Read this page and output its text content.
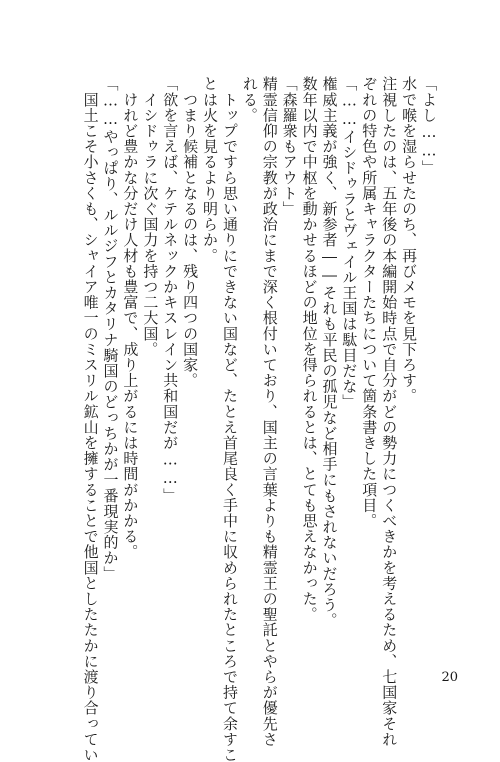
「よし……」
水で喉を湿らせたのち、再びメモを見下ろす。
注視したのは、五年後の本編開始時点で自分がどの勢力につくべきかを考えるため、七国家それ
ぞれの特色や所属キャラクターたちについて箇条書きした項目。
「……イシドゥラとヴェイル王国は駄目だな」
権威主義が強く、新参者――それも平民の孤児など相手にもされないだろう。
数年以内で中枢を動かせるほどの地位を得られるとは、とても思えなかった。
「森羅衆もアウト」
精霊信仰の宗教が政治にまで深く根付いており、国主の言葉よりも精霊王の聖託とやらが優先さ
れる。
　トップですら思い通りにできない国など、たとえ首尾良く手中に収められたところで持て余すこ
とは火を見るより明らか。
　つまり候補となるのは、残り四つの国家。
「欲を言えば、ケテルネックかキスレイン共和国だが……」
　イシドゥラに次ぐ国力を持つ二大国。
　けれど豊かな分だけ人材も豊富で、成り上がるには時間がかかる。
「……やっぱり、ルルジフとカタリナ騎国のどっちかが一番現実的か」
　国土こそ小さくも、シャイア唯一のミスリル鉱山を擁することで他国としたたかに渡り合ってい	20
